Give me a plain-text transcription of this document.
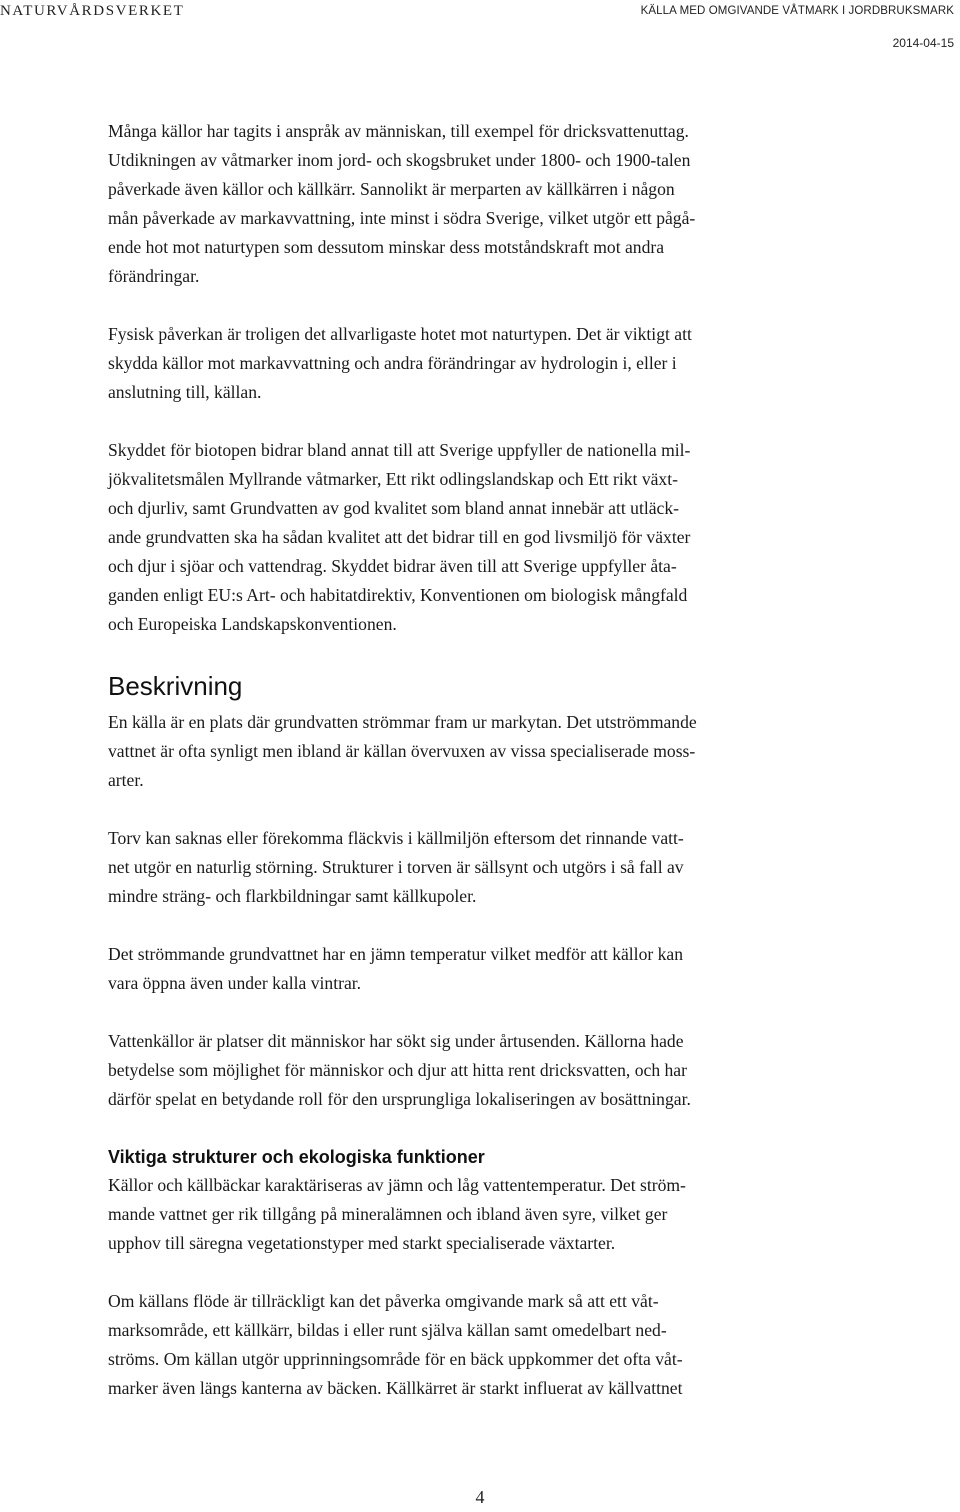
NATURVÅRDSVERKET	KÄLLA MED OMGIVANDE VÅTMARK I JORDBRUKSMARK
2014-04-15

Många källor har tagits i anspråk av människan, till exempel för dricksvattenuttag.
Utdikningen av våtmarker inom jord- och skogsbruket under 1800- och 1900-talen
påverkade även källor och källkärr. Sannolikt är merparten av källkärren i någon
mån påverkade av markavvattning, inte minst i södra Sverige, vilket utgör ett pågå-
ende hot mot naturtypen som dessutom minskar dess motståndskraft mot andra
förändringar.

Fysisk påverkan är troligen det allvarligaste hotet mot naturtypen. Det är viktigt att
skydda källor mot markavvattning och andra förändringar av hydrologin i, eller i
anslutning till, källan.

Skyddet för biotopen bidrar bland annat till att Sverige uppfyller de nationella mil-
jökvalitetsmålen Myllrande våtmarker, Ett rikt odlingslandskap och Ett rikt växt-
och djurliv, samt Grundvatten av god kvalitet som bland annat innebär att utläck-
ande grundvatten ska ha sådan kvalitet att det bidrar till en god livsmiljö för växter
och djur i sjöar och vattendrag. Skyddet bidrar även till att Sverige uppfyller åta-
ganden enligt EU:s Art- och habitatdirektiv, Konventionen om biologisk mångfald
och Europeiska Landskapskonventionen.

Beskrivning

En källa är en plats där grundvatten strömmar fram ur markytan. Det utströmmande
vattnet är ofta synligt men ibland är källan övervuxen av vissa specialiserade moss-
arter.

Torv kan saknas eller förekomma fläckvis i källmiljön eftersom det rinnande vatt-
net utgör en naturlig störning. Strukturer i torven är sällsynt och utgörs i så fall av
mindre sträng- och flarkbildningar samt källkupoler.

Det strömmande grundvattnet har en jämn temperatur vilket medför att källor kan
vara öppna även under kalla vintrar.

Vattenkällor är platser dit människor har sökt sig under årtusenden. Källorna hade
betydelse som möjlighet för människor och djur att hitta rent dricksvatten, och har
därför spelat en betydande roll för den ursprungliga lokaliseringen av bosättningar.

Viktiga strukturer och ekologiska funktioner

Källor och källbäckar karaktäriseras av jämn och låg vattentemperatur. Det ström-
mande vattnet ger rik tillgång på mineralämnen och ibland även syre, vilket ger
upphov till säregna vegetationstyper med starkt specialiserade växtarter.

Om källans flöde är tillräckligt kan det påverka omgivande mark så att ett våt-
marksområde, ett källkärr, bildas i eller runt själva källan samt omedelbart ned-
ströms. Om källan utgör upprinningsområde för en bäck uppkommer det ofta våt-
marker även längs kanterna av bäcken. Källkärret är starkt influerat av källvattnet

4
